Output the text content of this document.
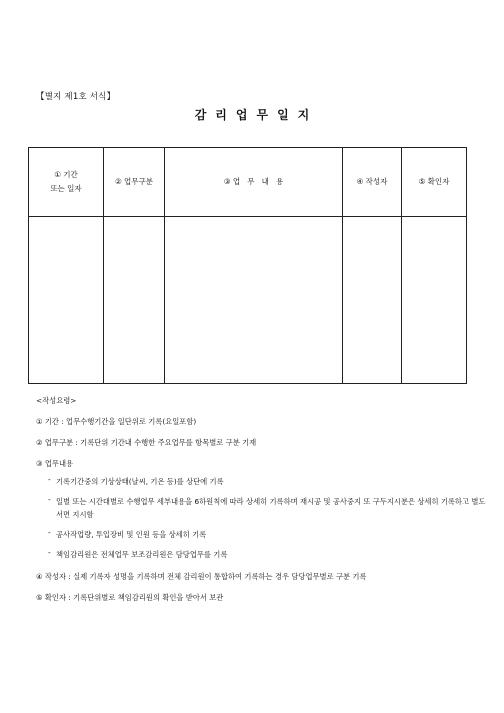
【별지 제1호 서식】
감리업무일지
① 기간
또는 일자	② 업무구분	③ 업   무   내   용	④ 작성자	⑤ 확인자

<작성요령>
① 기간 : 업무수행기간을 일단위로 기록(요일포함)
② 업무구분 : 기록단위 기간내 수행한 주요업무를 항목별로 구분 기재
③ 업무내용
- 기록기간중의 기상상태(날씨, 기온 등)를 상단에 기록
- 일별 또는 시간대별로 수행업무 세부내용을 6하원칙에 따라 상세히 기록하며 재시공 및 공사중지 또 구두지시분은 상세히 기록하고 별도 서면 지시함
- 공사작업량, 투입장비 및 인원 등을 상세히 기록
- 책임감리원은 전체업무 보조감리원은 담당업무를 기록
④ 작성자 : 실제 기록자 성명을 기록하며 전체 감리원이 통합하여 기록하는 경우 담당업무별로 구분 기록
⑤ 확인자 : 기록단위별로 책임감리원의 확인을 받아서 보관
